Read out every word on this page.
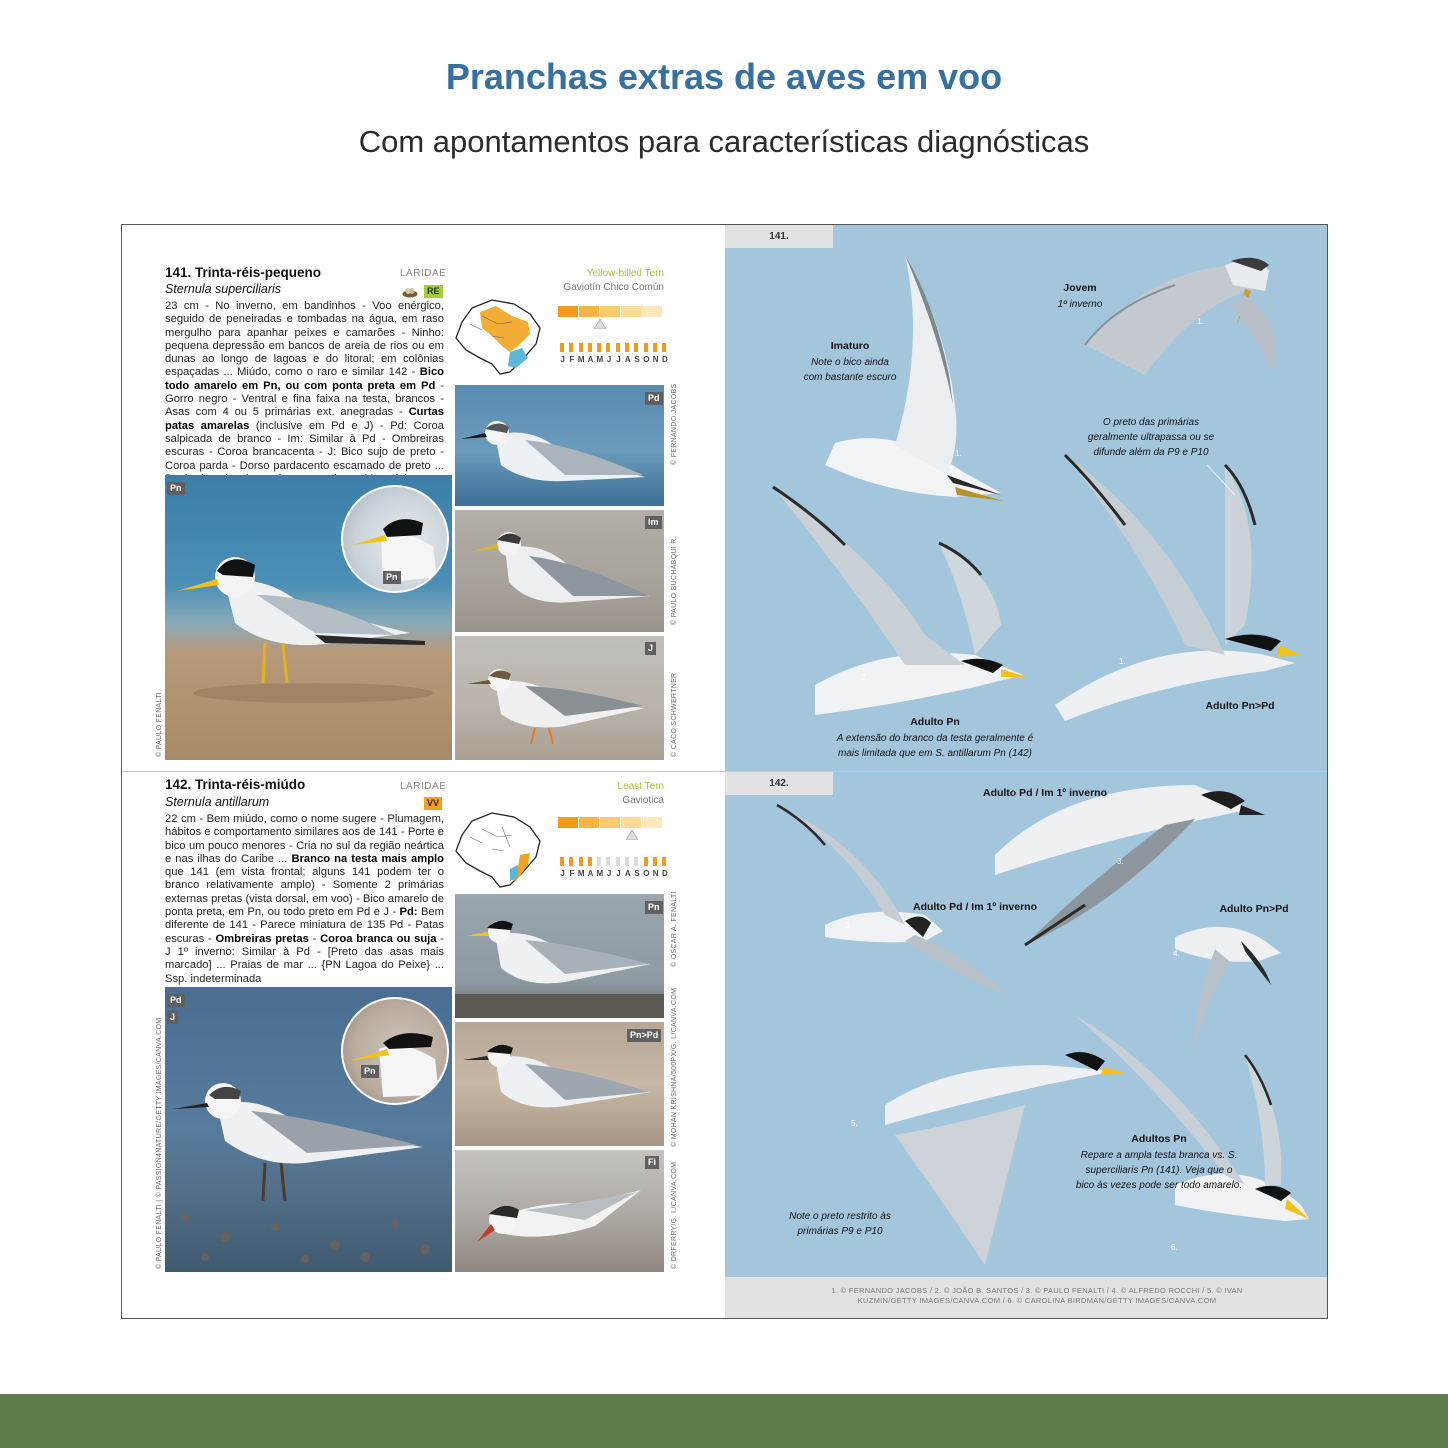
Pranchas extras de aves em voo
Com apontamentos para características diagnósticas
141. Trinta-réis-pequeno
Sternula superciliaris
LARIDAE
RE
Yellow-billed Tern
Gaviotín Chico Común
J F M A M J J A S O N D
23 cm - No inverno, em bandinhos - Voo enérgico, seguido de peneiradas e tombadas na água, em raso mergulho para apanhar peixes e camarões - Ninho: pequena depressão em bancos de areia de rios ou em dunas ao longo de lagoas e do litoral; em colônias espaçadas ... Miúdo, como o raro e similar 142 - Bico todo amarelo em Pn, ou com ponta preta em Pd - Gorro negro - Ventral e fina faixa na testa, brancos - Asas com 4 ou 5 primárias ext. anegradas - Curtas patas amarelas (inclusive em Pd e J) - Pd: Coroa salpicada de branco - Im: Similar à Pd - Ombreiras escuras - Coroa brancacenta - J: Bico sujo de preto - Coroa parda - Dorso pardacento escamado de preto ...
Pn
Pn
© PAULO FENALTI
Pd
Im
J
© FERNANDO JACOBS
© PAULO BUCHABQUI R.
© CACO SCHWERTNER
142. Trinta-réis-miúdo
Sternula antillarum
LARIDAE
VV
Least Tern
Gaviotica
J F M A M J J A S O N D
22 cm - Bem miúdo, como o nome sugere - Plumagem, hábitos e comportamento similares aos de 141 - Porte e bico um pouco menores - Cria no sul da região neártica e nas ilhas do Caribe ... Branco na testa mais amplo que 141 (em vista frontal; alguns 141 podem ter o branco relativamente amplo) - Somente 2 primárias externas pretas (vista dorsal, em voo) - Bico amarelo de ponta preta, em Pn, ou todo preto em Pd e J - Pd: Bem diferente de 141 - Parece miniatura de 135 Pd - Patas escuras - Ombreiras pretas - Coroa branca ou suja - J 1º inverno: Similar à Pd - [Preto das asas mais marcado] ... Praias de mar ... {PN Lagoa do Peixe} ... Ssp. indeterminada
Pd
J
Pn
© PAULO FENALTI | © PASSION4NATURE/GETTY IMAGES/CANVA.COM
Pn
Pn>Pd
Fi
© OSCAR A. FENALTI
© MOHAN KRISHNA/500PX/G. I./CANVA.COM
© DRFERRY/G. I./CANVA.COM
141.
142.
Imaturo
Note o bico ainda com bastante escuro
Jovem
1º inverno
O preto das primárias geralmente ultrapassa ou se difunde além da P9 e P10
Adulto Pn
A extensão do branco da testa geralmente é mais limitada que em S. antillarum Pn (142)
Adulto Pn>Pd
1.
1.
2.
1.
Adulto Pd / Im 1º inverno
Adulto Pd / Im 1º inverno	Adulto Pn>Pd
Adultos Pn
Repare a ampla testa branca vs. S. superciliaris Pn (141). Veja que o bico às vezes pode ser todo amarelo.
Note o preto restrito às primárias P9 e P10
3.
3.
4.
5.
6.
1. © FERNANDO JACOBS / 2. © JOÃO B. SANTOS / 3. © PAULO FENALTI / 4. © ALFREDO ROCCHI / 5. © IVAN KUZMIN/GETTY IMAGES/CANVA.COM / 6. © CAROLINA BIRDMAN/GETTY IMAGES/CANVA.COM
